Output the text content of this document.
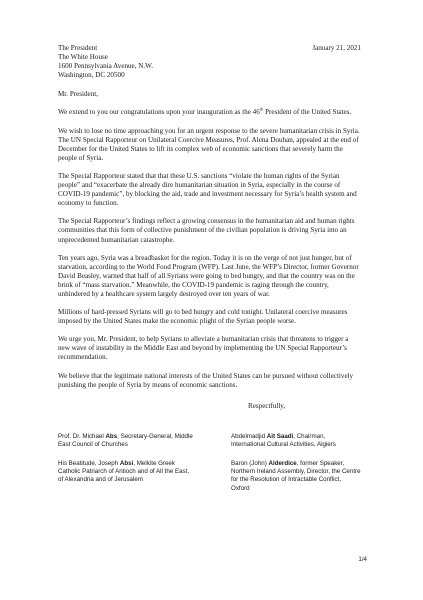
January 21, 2021
The President
The White House
1600 Pennsylvania Avenue, N.W.
Washington, DC 20500
Mr. President,

We extend to you our congratulations upon your inauguration as the 46th President of the United States.

We wish to lose no time approaching you for an urgent response to the severe humanitarian crisis in Syria. The UN Special Rapporteur on Unilateral Coercive Measures, Prof. Alena Douhan, appealed at the end of December for the United States to lift its complex web of economic sanctions that severely harm the people of Syria.

The Special Rapporteur stated that that these U.S. sanctions “violate the human rights of the Syrian people” and “exacerbate the already dire humanitarian situation in Syria, especially in the course of COVID-19 pandemic”, by blocking the aid, trade and investment necessary for Syria’s health system and economy to function.

The Special Rapporteur’s findings reflect a growing consensus in the humanitarian aid and human rights communities that this form of collective punishment of the civilian population is driving Syria into an unprecedented humanitarian catastrophe.

Ten years ago, Syria was a breadbasket for the region. Today it is on the verge of not just hunger, but of starvation, according to the World Food Program (WFP). Last June, the WFP’s Director, former Governor David Beasley, warned that half of all Syrians were going to bed hungry, and that the country was on the brink of “mass starvation.” Meanwhile, the COVID-19 pandemic is raging through the country, unhindered by a healthcare system largely destroyed over ten years of war.

Millions of hard-pressed Syrians will go to bed hungry and cold tonight. Unilateral coercive measures imposed by the United States make the economic plight of the Syrian people worse.

We urge you, Mr. President, to help Syrians to alleviate a humanitarian crisis that threatens to trigger a new wave of instability in the Middle East and beyond by implementing the UN Special Rapporteur’s recommendation.

We believe that the legitimate national interests of the United States can be pursued without collectively punishing the people of Syria by means of economic sanctions.

Respectfully,
Prof. Dr. Michael Abs, Secretary-General, Middle East Council of Churches
Abdelmadjid Ait Saadi, Chairman, International Cultural Activities, Algiers
His Beatitude, Joseph Absi, Melkite Greek Catholic Patriarch of Antioch and of All the East, of Alexandria and of Jerusalem
Baron (John) Alderdice, former Speaker, Northern Ireland Assembly, Director, the Centre for the Resolution of Intractable Conflict, Oxford
1/4
